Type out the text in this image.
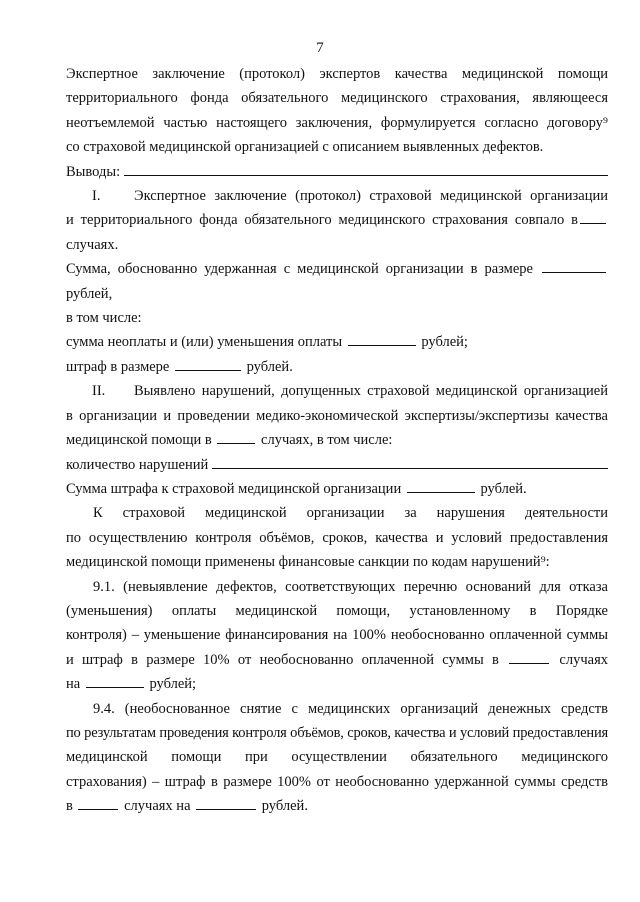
7
Экспертное заключение (протокол) экспертов качества медицинской помощи
территориального фонда обязательного медицинского страхования, являющееся
неотъемлемой частью настоящего заключения, формулируется согласно договору⁹
со страховой медицинской организацией с описанием выявленных дефектов.
Выводы:
I. Экспертное заключение (протокол) страховой медицинской организации
и территориального фонда обязательного медицинского страхования совпало в случаях.
Сумма, обоснованно удержанная с медицинской организации в размере  рублей,
в том числе:
сумма неоплаты и (или) уменьшения оплаты	рублей;
штраф в размере	рублей.
II. Выявлено нарушений, допущенных страховой медицинской организацией
в организации и проведении медико-экономической экспертизы/экспертизы качества
медицинской помощи в	случаях, в том числе:
количество нарушений
Сумма штрафа к страховой медицинской организации	рублей.
К страховой медицинской организации за нарушения деятельности
по осуществлению контроля объёмов, сроков, качества и условий предоставления
медицинской помощи применены финансовые санкции по кодам нарушений⁹:
9.1. (невыявление дефектов, соответствующих перечню оснований для отказа
(уменьшения) оплаты медицинской помощи, установленному в Порядке
контроля) – уменьшение финансирования на 100% необоснованно оплаченной суммы
и штраф в размере 10% от необоснованно оплаченной суммы в	случаях
на	рублей;
9.4. (необоснованное снятие с медицинских организаций денежных средств
по результатам проведения контроля объёмов, сроков, качества и условий предоставления
медицинской помощи при осуществлении обязательного медицинского
страхования) – штраф в размере 100% от необоснованно удержанной суммы средств
в	случаях на	рублей.
